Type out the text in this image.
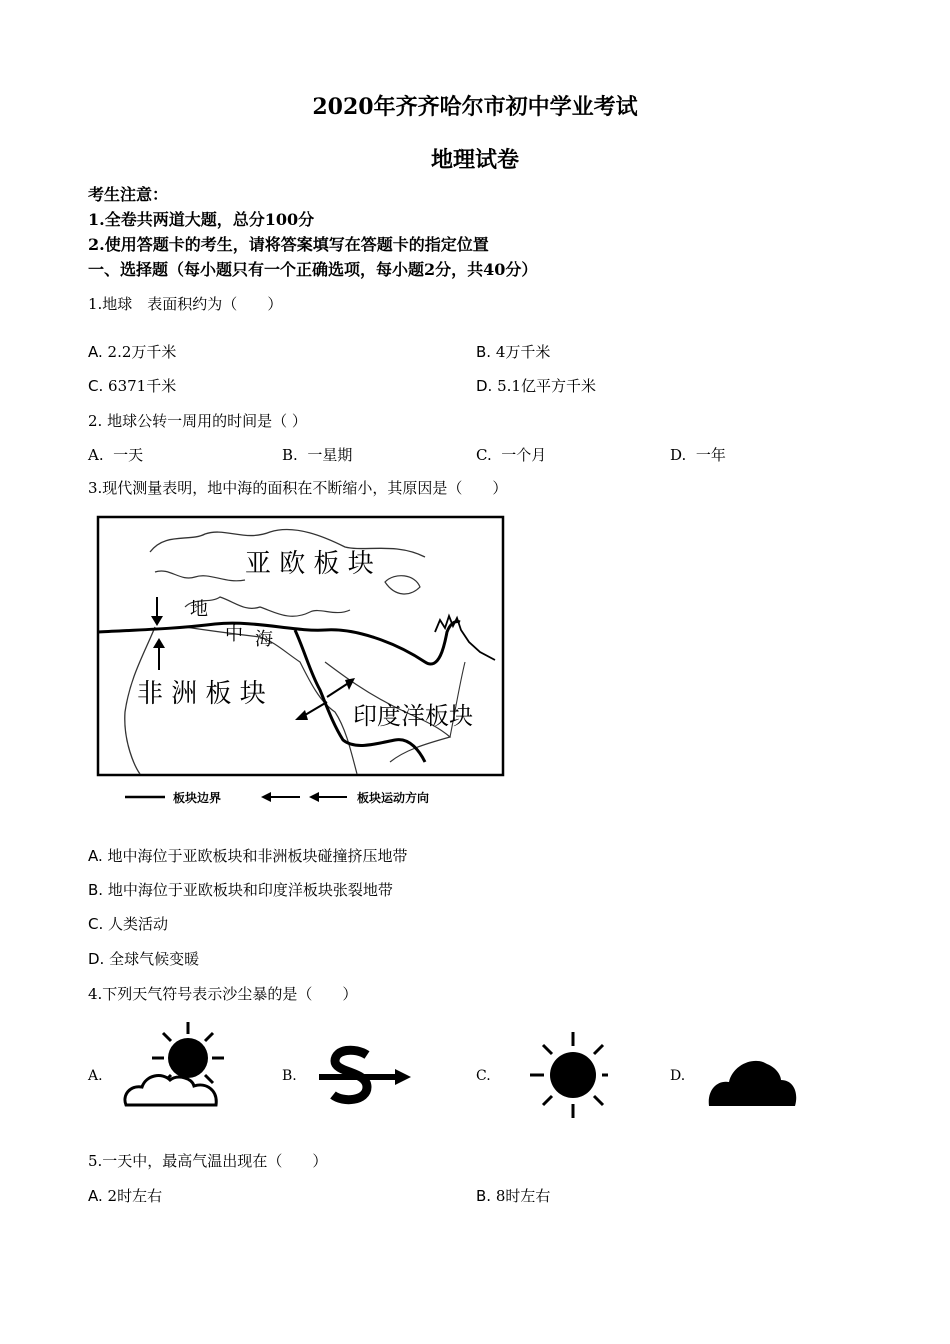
2020年齐齐哈尔市初中学业考试
地理试卷
考生注意：
1.全卷共两道大题，总分100分
2.使用答题卡的考生，请将答案填写在答题卡的指定位置
一、选择题（每小题只有一个正确选项，每小题2分，共40分）
1.地球　表面积约为（　　）
A. 2.2万千米	B. 4万千米
C. 6371千米	D. 5.1亿平方千米
2. 地球公转一周用的时间是（ ）
A. 一天	B. 一星期	C. 一个月	D. 一年
3.现代测量表明，地中海的面积在不断缩小，其原因是（　　）
亚 欧 板 块
非 洲 板 块
印度洋板块
地
中 海
板块边界	板块运动方向
A. 地中海位于亚欧板块和非洲板块碰撞挤压地带
B. 地中海位于亚欧板块和印度洋板块张裂地带
C. 人类活动
D. 全球气候变暖
4.下列天气符号表示沙尘暴的是（　　）
A.	B.	C.	D.
5.一天中，最高气温出现在（　　）
A. 2时左右	B. 8时左右
